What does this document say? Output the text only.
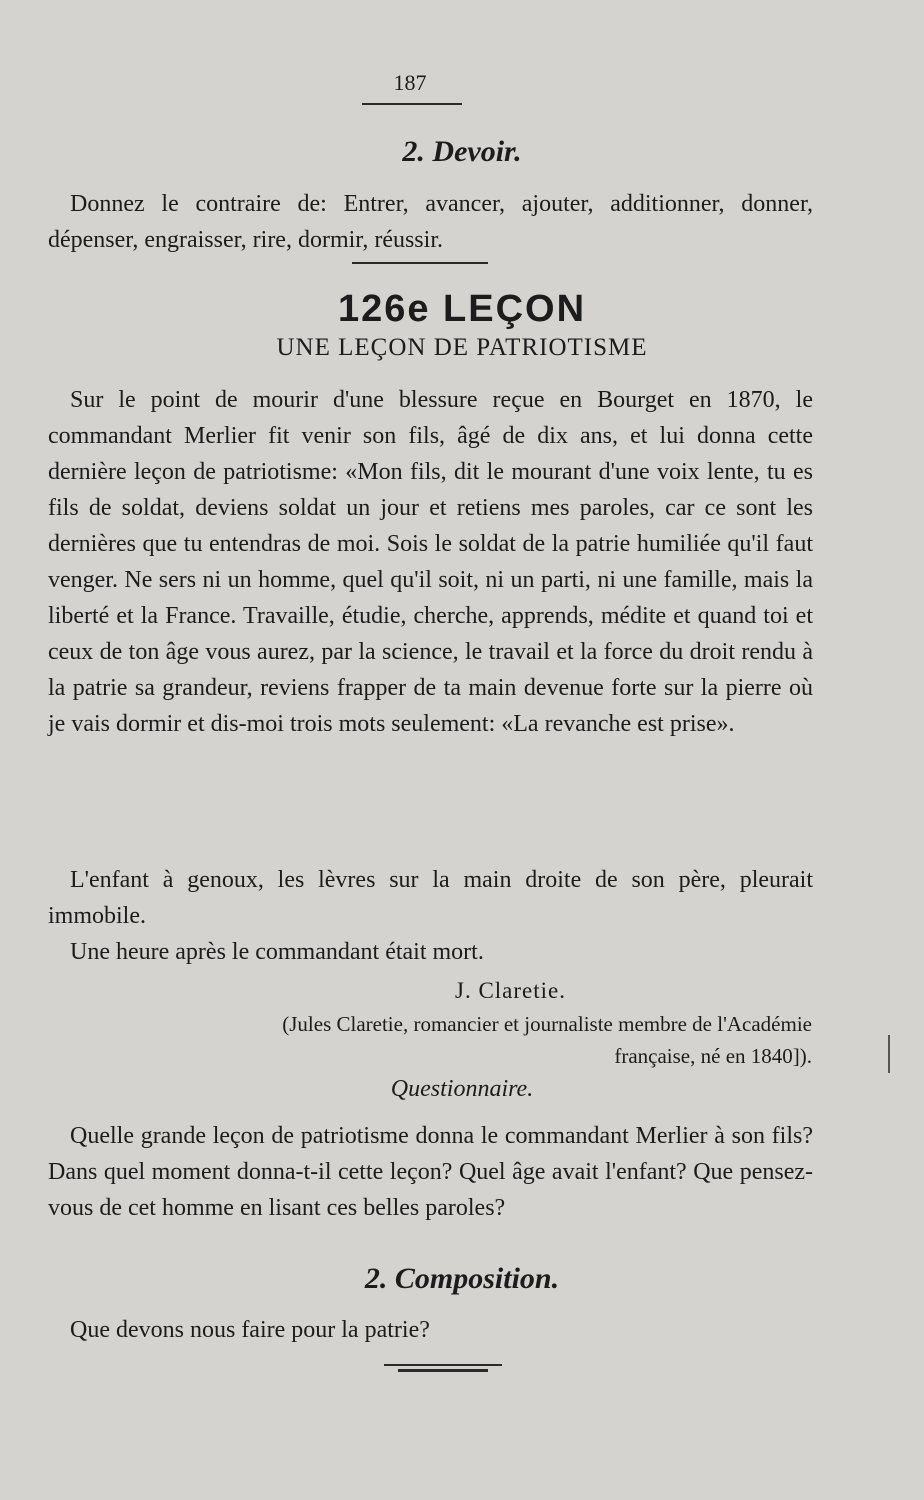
187
2. Devoir.

Donnez le contraire de: Entrer, avancer, ajouter, additionner, donner, dépenser, engraisser, rire, dormir, réussir.

126e LEÇON
UNE LEÇON DE PATRIOTISME

Sur le point de mourir d'une blessure reçue en Bourget en 1870, le commandant Merlier fit venir son fils, âgé de dix ans, et lui donna cette dernière leçon de patriotisme: «Mon fils, dit le mourant d'une voix lente, tu es fils de soldat, deviens soldat un jour et retiens mes paroles, car ce sont les dernières que tu entendras de moi. Sois le soldat de la patrie humiliée qu'il faut venger. Ne sers ni un homme, quel qu'il soit, ni un parti, ni une famille, mais la liberté et la France. Travaille, étudie, cherche, apprends, médite et quand toi et ceux de ton âge vous aurez, par la science, le travail et la force du droit rendu à la patrie sa grandeur, reviens frapper de ta main devenue forte sur la pierre où je vais dormir et dis-moi trois mots seulement: «La revanche est prise».

L'enfant à genoux, les lèvres sur la main droite de son père, pleurait immobile.

Une heure après le commandant était mort.

J. Claretie.
(Jules Claretie, romancier et journaliste membre de l'Académie française, né en 1840]).
Questionnaire.

Quelle grande leçon de patriotisme donna le commandant Merlier à son fils? Dans quel moment donna-t-il cette leçon? Quel âge avait l'enfant? Que pensez-vous de cet homme en lisant ces belles paroles?

2. Composition.

Que devons nous faire pour la patrie?
